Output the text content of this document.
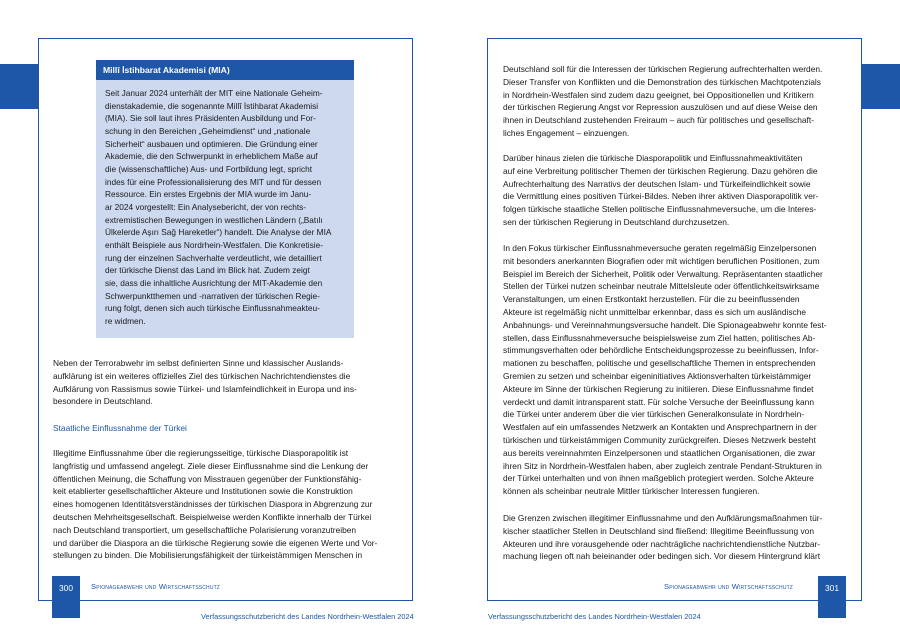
Millî İstihbarat Akademisi (MIA)
Seit Januar 2024 unterhält der MIT eine Nationale Geheim-
dienstakademie, die sogenannte Millî İstihbarat Akademisi
(MIA). Sie soll laut ihres Präsidenten Ausbildung und For-
schung in den Bereichen „Geheimdienst“ und „nationale
Sicherheit“ ausbauen und optimieren. Die Gründung einer
Akademie, die den Schwerpunkt in erheblichem Maße auf
die (wissenschaftliche) Aus- und Fortbildung legt, spricht
indes für eine Professionalisierung des MIT und für dessen
Ressource. Ein erstes Ergebnis der MIA wurde im Janu-
ar 2024 vorgestellt: Ein Analysebericht, der von rechts-
extremistischen Bewegungen in westlichen Ländern („Batılı
Ülkelerde Aşırı Sağ Hareketler“) handelt. Die Analyse der MIA
enthält Beispiele aus Nordrhein-Westfalen. Die Konkretisie-
rung der einzelnen Sachverhalte verdeutlicht, wie detailliert
der türkische Dienst das Land im Blick hat. Zudem zeigt
sie, dass die inhaltliche Ausrichtung der MIT-Akademie den
Schwerpunktthemen und -narrativen der türkischen Regie-
rung folgt, denen sich auch türkische Einflussnahmeakteu-
re widmen.
Neben der Terrorabwehr im selbst definierten Sinne und klassischer Auslands-
aufklärung ist ein weiteres offizielles Ziel des türkischen Nachrichtendienstes die
Aufklärung von Rassismus sowie Türkei- und Islamfeindlichkeit in Europa und ins-
besondere in Deutschland.
Staatliche Einflussnahme der Türkei
Illegitime Einflussnahme über die regierungsseitige, türkische Diasporapolitik ist
langfristig und umfassend angelegt. Ziele dieser Einflussnahme sind die Lenkung der
öffentlichen Meinung, die Schaffung von Misstrauen gegenüber der Funktionsfähig-
keit etablierter gesellschaftlicher Akteure und Institutionen sowie die Konstruktion
eines homogenen Identitätsverständnisses der türkischen Diaspora in Abgrenzung zur
deutschen Mehrheitsgesellschaft. Beispielweise werden Konflikte innerhalb der Türkei
nach Deutschland transportiert, um gesellschaftliche Polarisierung voranzutreiben
und darüber die Diaspora an die türkische Regierung sowie die eigenen Werte und Vor-
stellungen zu binden. Die Mobilisierungsfähigkeit der türkeistämmigen Menschen in
300	Spionageabwehr und Wirtschaftsschutz
Verfassungsschutzbericht des Landes Nordrhein-Westfalen 2024
Deutschland soll für die Interessen der türkischen Regierung aufrechterhalten werden.
Dieser Transfer von Konflikten und die Demonstration des türkischen Machtpotenzials
in Nordrhein-Westfalen sind zudem dazu geeignet, bei Oppositionellen und Kritikern
der türkischen Regierung Angst vor Repression auszulösen und auf diese Weise den
ihnen in Deutschland zustehenden Freiraum – auch für politisches und gesellschaft-
liches Engagement – einzuengen.
Darüber hinaus zielen die türkische Diasporapolitik und Einflussnahmeaktivitäten
auf eine Verbreitung politischer Themen der türkischen Regierung. Dazu gehören die
Aufrechterhaltung des Narrativs der deutschen Islam- und Türkeifeindlichkeit sowie
die Vermittlung eines positiven Türkei-Bildes. Neben ihrer aktiven Diasporapolitik ver-
folgen türkische staatliche Stellen politische Einflussnahmeversuche, um die Interes-
sen der türkischen Regierung in Deutschland durchzusetzen.
In den Fokus türkischer Einflussnahmeversuche geraten regelmäßig Einzelpersonen
mit besonders anerkannten Biografien oder mit wichtigen beruflichen Positionen, zum
Beispiel im Bereich der Sicherheit, Politik oder Verwaltung. Repräsentanten staatlicher
Stellen der Türkei nutzen scheinbar neutrale Mittelsleute oder öffentlichkeitswirksame
Veranstaltungen, um einen Erstkontakt herzustellen. Für die zu beeinflussenden
Akteure ist regelmäßig nicht unmittelbar erkennbar, dass es sich um ausländische
Anbahnungs- und Vereinnahmungsversuche handelt. Die Spionageabwehr konnte fest-
stellen, dass Einflussnahmeversuche beispielsweise zum Ziel hatten, politisches Ab-
stimmungsverhalten oder behördliche Entscheidungsprozesse zu beeinflussen, Infor-
mationen zu beschaffen, politische und gesellschaftliche Themen in entsprechenden
Gremien zu setzen und scheinbar eigeninitiatives Aktionsverhalten türkeistämmiger
Akteure im Sinne der türkischen Regierung zu initiieren. Diese Einflussnahme findet
verdeckt und damit intransparent statt. Für solche Versuche der Beeinflussung kann
die Türkei unter anderem über die vier türkischen Generalkonsulate in Nordrhein-
Westfalen auf ein umfassendes Netzwerk an Kontakten und Ansprechpartnern in der
türkischen und türkeistämmigen Community zurückgreifen. Dieses Netzwerk besteht
aus bereits vereinnahmten Einzelpersonen und staatlichen Organisationen, die zwar
ihren Sitz in Nordrhein-Westfalen haben, aber zugleich zentrale Pendant-Strukturen in
der Türkei unterhalten und von ihnen maßgeblich protegiert werden. Solche Akteure
können als scheinbar neutrale Mittler türkischer Interessen fungieren.
Die Grenzen zwischen illegitimer Einflussnahme und den Aufklärungsmaßnahmen tür-
kischer staatlicher Stellen in Deutschland sind fließend: Illegitime Beeinflussung von
Akteuren und ihre vorausgehende oder nachträgliche nachrichtendienstliche Nutzbar-
machung liegen oft nah beieinander oder bedingen sich. Vor diesem Hintergrund klärt
301
Spionageabwehr und Wirtschaftsschutz
Verfassungsschutzbericht des Landes Nordrhein-Westfalen 2024
